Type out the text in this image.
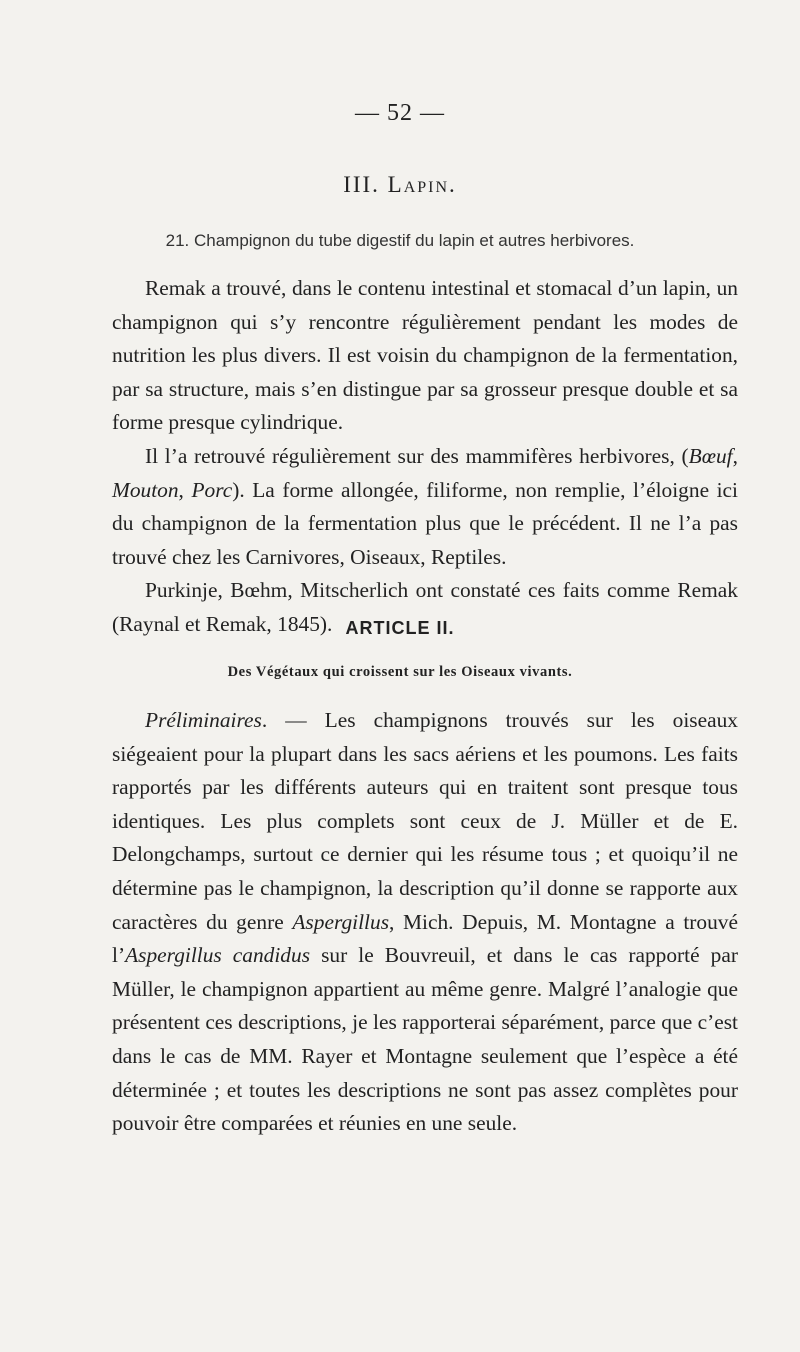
— 52 —
III. Lapin.
21. Champignon du tube digestif du lapin et autres herbivores.

Remak a trouvé, dans le contenu intestinal et stomacal d’un lapin, un champignon qui s’y rencontre régulièrement pendant les modes de nutrition les plus divers. Il est voisin du champignon de la fermentation, par sa structure, mais s’en distingue par sa grosseur presque double et sa forme presque cylindrique.

Il l’a retrouvé régulièrement sur des mammifères herbivores, (Bœuf, Mouton, Porc). La forme allongée, filiforme, non remplie, l’éloigne ici du champignon de la fermentation plus que le précédent. Il ne l’a pas trouvé chez les Carnivores, Oiseaux, Reptiles.

Purkinje, Bœhm, Mitscherlich ont constaté ces faits comme Remak (Raynal et Remak, 1845). ARTICLE II.
Des Végétaux qui croissent sur les Oiseaux vivants.

Préliminaires. — Les champignons trouvés sur les oiseaux siégeaient pour la plupart dans les sacs aériens et les poumons. Les faits rapportés par les différents auteurs qui en traitent sont presque tous identiques. Les plus complets sont ceux de J. Müller et de E. Delongchamps, surtout ce dernier qui les résume tous ; et quoiqu’il ne détermine pas le champignon, la description qu’il donne se rapporte aux caractères du genre Aspergillus, Mich. Depuis, M. Montagne a trouvé l’Aspergillus candidus sur le Bouvreuil, et dans le cas rapporté par Müller, le champignon appartient au même genre. Malgré l’analogie que présentent ces descriptions, je les rapporterai séparément, parce que c’est dans le cas de MM. Rayer et Montagne seulement que l’espèce a été déterminée ; et toutes les descriptions ne sont pas assez complètes pour pouvoir être comparées et réunies en une seule.
